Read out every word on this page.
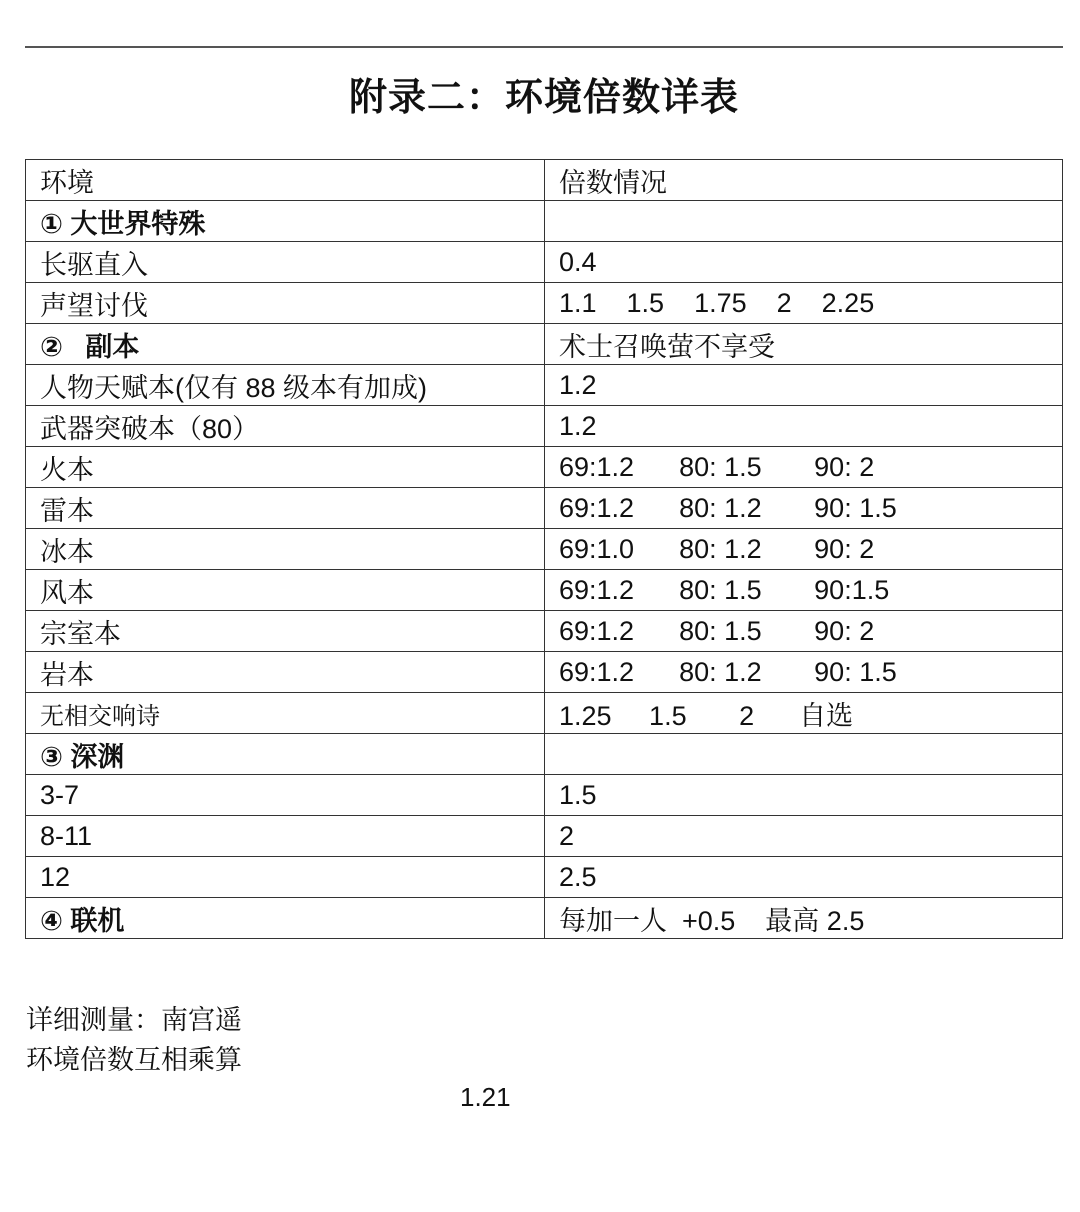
附录二：环境倍数详表
环境	倍数情况
① 大世界特殊	
长驱直入	0.4
声望讨伐	1.1    1.5    1.75    2    2.25
②   副本	术士召唤萤不享受
人物天赋本(仅有 88 级本有加成)	1.2
武器突破本（80）	1.2
火本	69:1.2      80: 1.5       90: 2
雷本	69:1.2      80: 1.2       90: 1.5
冰本	69:1.0      80: 1.2       90: 2
风本	69:1.2      80: 1.5       90:1.5
宗室本	69:1.2      80: 1.5       90: 2
岩本	69:1.2      80: 1.2       90: 1.5
无相交响诗	1.25     1.5       2      自选
③ 深渊	
3-7	1.5
8-11	2
12	2.5
④ 联机	每加一人  +0.5    最高 2.5
详细测量：南宫遥
环境倍数互相乘算
1.21
